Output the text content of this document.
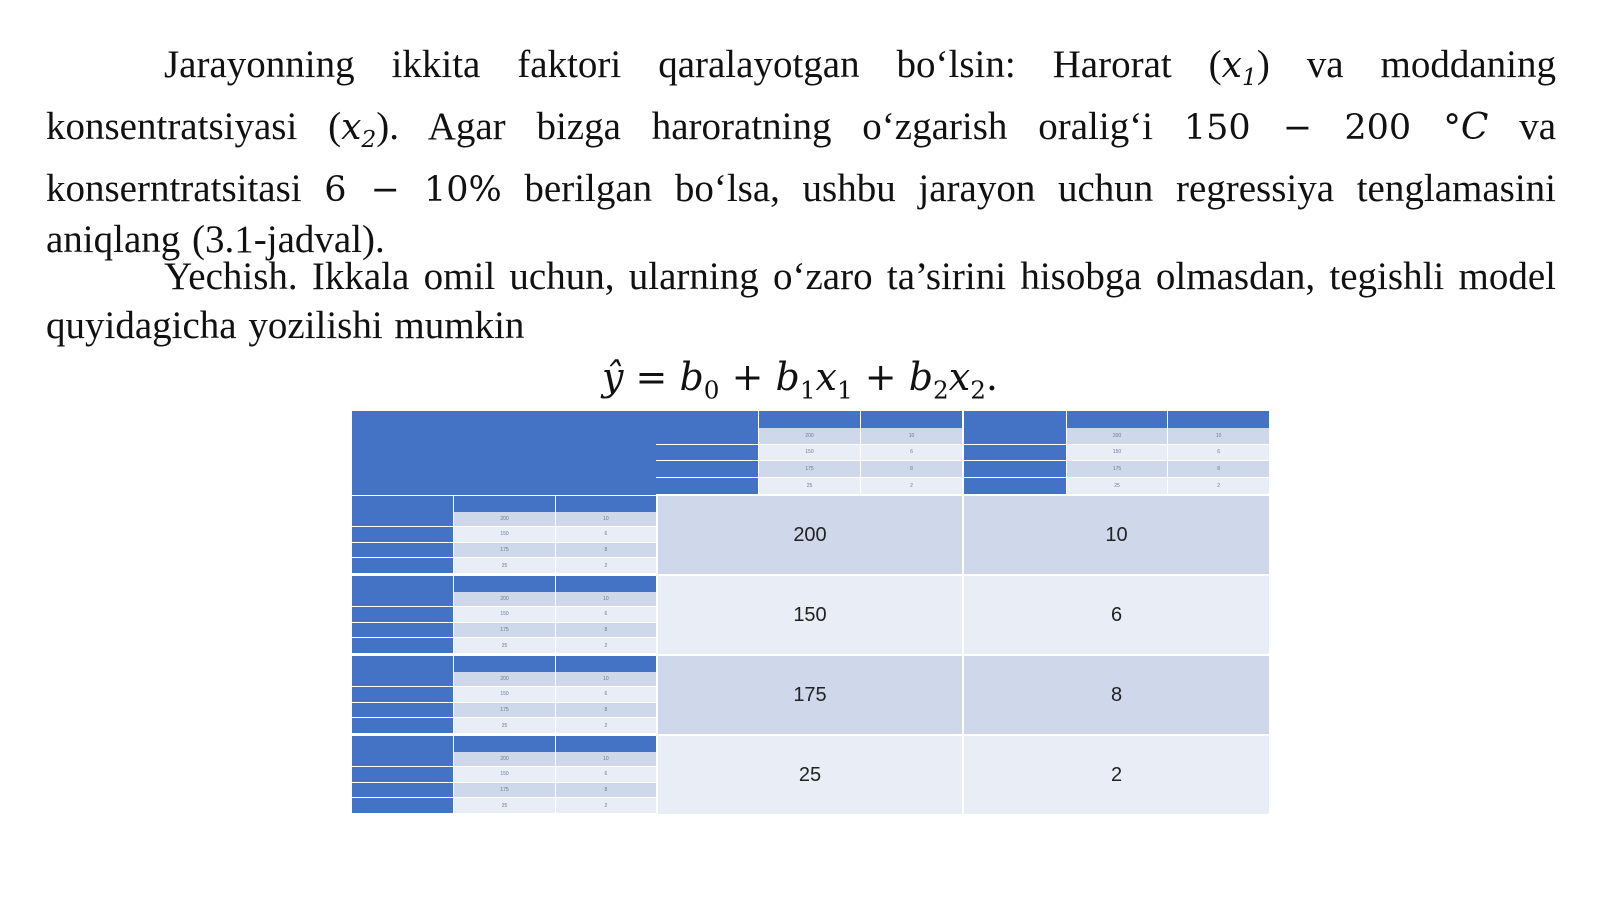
Jarayonning ikkita faktori qaralayotgan bo‘lsin: Harorat $(x_1)$ va moddaning konsentratsiyasi $(x_2)$. Agar bizga haroratning o‘zgarish oralig‘i 150 − 200 °C va konserntratsitasi 6 − 10% berilgan bo‘lsa, ushbu jarayon uchun regressiya tenglamasini aniqlang (3.1-jadval).
Yechish. Ikkala omil uchun, ularning o‘zaro ta’sirini hisobga olmasdan, tegishli model quyidagicha yozilishi mumkin
ŷ = $b_0 + b_1x_1 + b_2x_2$.
200	10
150	6
175	8
25	2
200	10
150	6
175	8
25	2
200	10
150	6
175	8
25	2
200	10
150	6
175	8
25	2
200	10
150	6
175	8
25	2
200	10
150	6
175	8
25	2
200	10
150	6
175	8
25	2
